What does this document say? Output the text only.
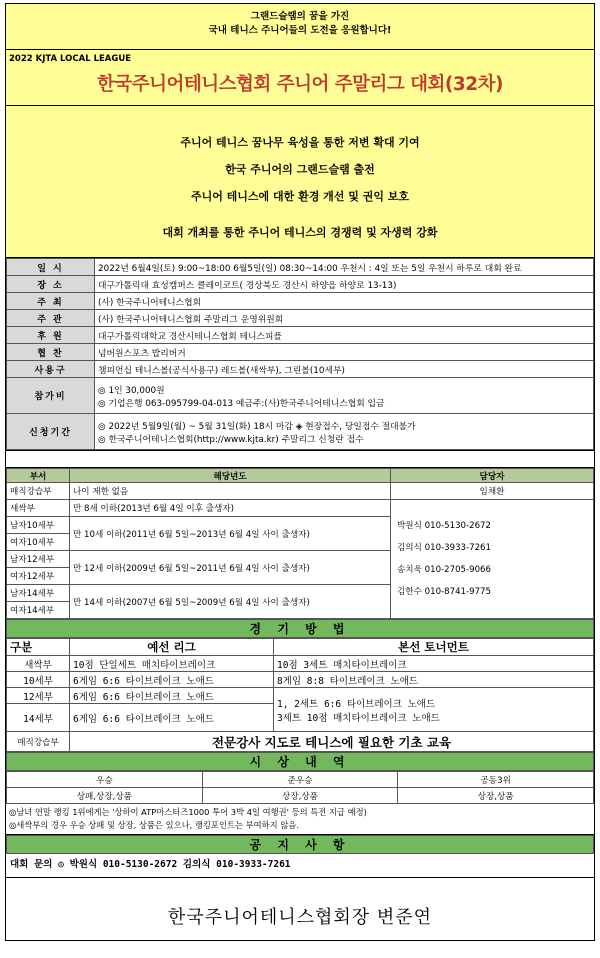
그랜드슬램의 꿈을 가진
국내 테니스 주니어들의 도전을 응원합니다!
2022 KJTA LOCAL LEAGUE
한국주니어테니스협회 주니어 주말리그 대회(32차)

주니어 테니스 꿈나무 육성을 통한 저변 확대 기여

한국 주니어의 그랜드슬램 출전

주니어 테니스에 대한 환경 개선 및 권익 보호

대회 개최를 통한 주니어 테니스의 경쟁력 및 자생력 강화

일 시	2022년 6월4일(토) 9:00~18:00 6월5일(일) 08:30~14:00 우천시 : 4일 또는 5일 우천시 하루로 대회 완료
장 소	대구가톨릭대 효성캠퍼스 클레이코트( 경상북도 경산시 하양읍 하양로 13-13)
주 최	(사) 한국주니어테니스협회
주 관	(사) 한국주니어테니스협회 주말리그 운영위원회
후 원	대구가톨릭대학교 경산시테니스협회 테니스피플
협 찬	넘버원스포츠 밥리버거
사용구	챔피언십 테니스볼(공식사용구) 레드볼(새싹부), 그린볼(10세부)
참가비	◎ 1인 30,000원
◎ 기업은행 063-095799-04-013 예금주:(사)한국주니어테니스협회 입금

신청기간	◎ 2022년 5월9일(월) ~ 5월 31일(화) 18시 마감 ◈ 현장접수, 당일접수 절대불가
◎ 한국주니어테니스협회(http://www.kjta.kr) 주말리그 신청란 접수
부서	해당년도	담당자
매직강습부	나이 제한 없음	임채환
새싹부	만 8세 이하(2013년 6월 4일 이후 출생자)	박원식 010-5130-2672
김의식 010-3933-7261
송치욱 010-2705-9066
김한수 010-8741-9775

남자10세부	만 10세 이하(2011년 6월 5일~2013년 6월 4일 사이 출생자)	
여자10세부		
남자12세부	만 12세 이하(2009년 6월 5일~2011년 6월 4일 사이 출생자)	
여자12세부		
남자14세부	만 14세 이하(2007년 6월 5일~2009년 6월 4일 사이 출생자)	
여자14세부		
경 기 방 법
구분	예선 리그	본선 토너먼트
새싹부	10점 단일세트 매치타이브레이크	10점 3세트 매치타이브레이크
10세부	6게임 6:6 타이브레이크 노애드	8게임 8:8 타이브레이크 노애드
12세부	6게임 6:6 타이브레이크 노애드	1, 2세트 6:6 타이브레이크 노애드
3세트 10점 매치타이브레이크 노애드

14세부	6게임 6:6 타이브레이크 노애드	
매직강습부	전문강사 지도로 테니스에 필요한 기초 교육	
시 상 내 역
우승	준우승	공동3위
상패,상장,상품	상장,상품	상장,상품
◎남녀 연말 랭킹 1위에게는 '상하이 ATP마스터즈1000 투어 3박 4일 여행권' 등의 특전 지급 예정)
◎새싹부의 경우 우승 상패 및 상장, 상품은 있으나, 랭킹포인트는 부여하지 않음.
공 지 사 항
대회 문의 ◎ 박원식 010-5130-2672 김의식 010-3933-7261
한국주니어테니스협회장 변준연
